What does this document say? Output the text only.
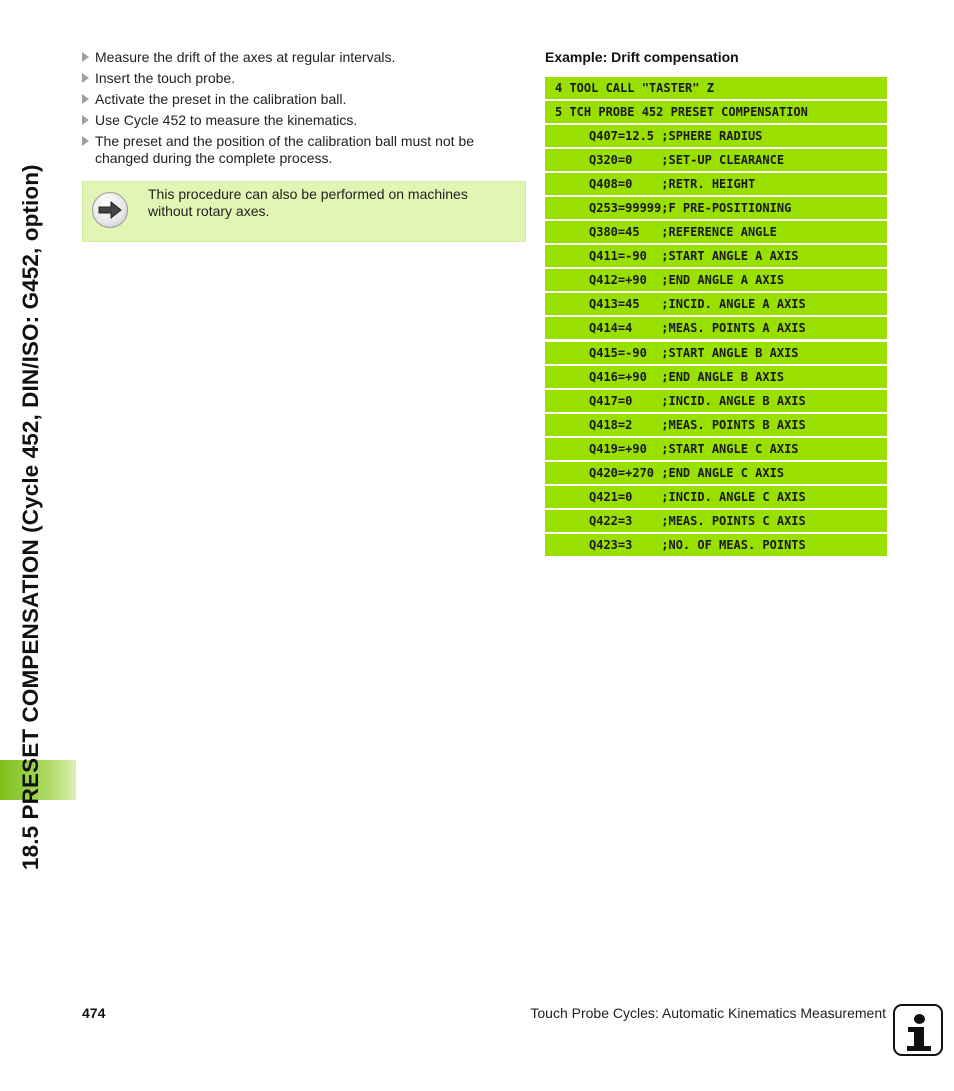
18.5 PRESET COMPENSATION (Cycle 452, DIN/ISO: G452, option)
Measure the drift of the axes at regular intervals.
Insert the touch probe.
Activate the preset in the calibration ball.
Use Cycle 452 to measure the kinematics.
The preset and the position of the calibration ball must not be changed during the complete process.
This procedure can also be performed on machines without rotary axes.
Example: Drift compensation
4 TOOL CALL "TASTER" Z
5 TCH PROBE 452 PRESET COMPENSATION
Q407=12.5 ;SPHERE RADIUS
Q320=0    ;SET-UP CLEARANCE
Q408=0    ;RETR. HEIGHT
Q253=99999;F PRE-POSITIONING
Q380=45   ;REFERENCE ANGLE
Q411=-90  ;START ANGLE A AXIS
Q412=+90  ;END ANGLE A AXIS
Q413=45   ;INCID. ANGLE A AXIS
Q414=4    ;MEAS. POINTS A AXIS
Q415=-90  ;START ANGLE B AXIS
Q416=+90  ;END ANGLE B AXIS
Q417=0    ;INCID. ANGLE B AXIS
Q418=2    ;MEAS. POINTS B AXIS
Q419=+90  ;START ANGLE C AXIS
Q420=+270 ;END ANGLE C AXIS
Q421=0    ;INCID. ANGLE C AXIS
Q422=3    ;MEAS. POINTS C AXIS
Q423=3    ;NO. OF MEAS. POINTS
474	Touch Probe Cycles: Automatic Kinematics Measurement
